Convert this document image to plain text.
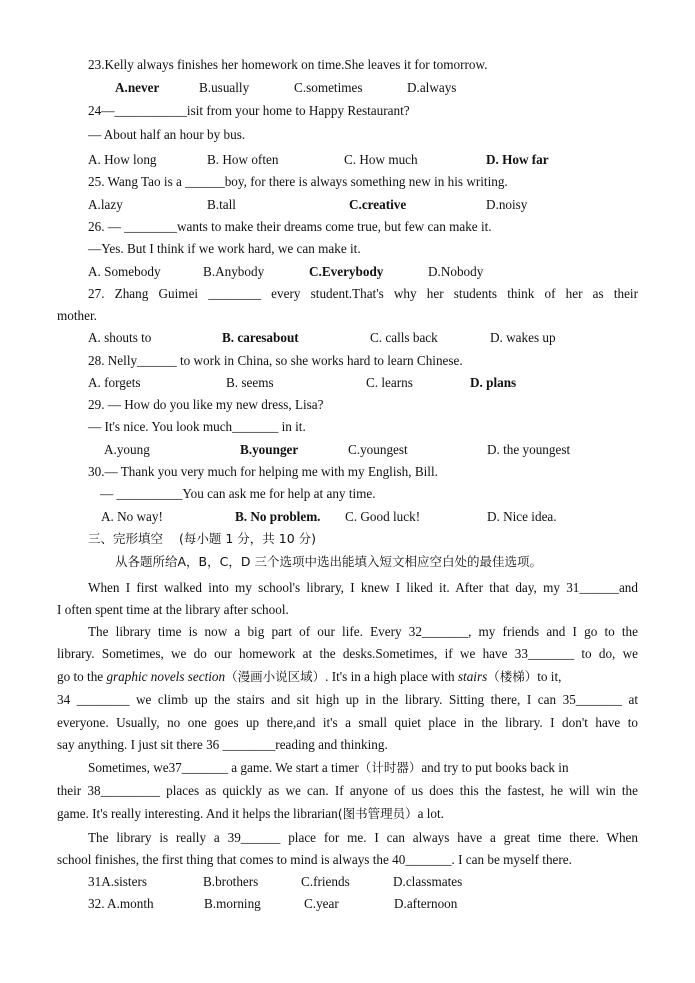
23.Kelly always finishes her homework on time.She leaves it for tomorrow.
A.never	B.usually	C.sometimes	D.always
24—___________isit from your home to Happy Restaurant?
— About half an hour by bus.
A. How long	B. How often	C. How much	D. How far
25. Wang Tao is a ______boy, for there is always something new in his writing.
A.lazy	B.tall	C.creative	D.noisy
26. — ________wants to make their dreams come true, but few can make it.
—Yes. But I think if we work hard, we can make it.
A. Somebody	B.Anybody	C.Everybody	D.Nobody
27. Zhang Guimei ________ every student.That's why her students think of her as their
mother.
A. shouts to	B. caresabout	C. calls back	D. wakes up
28. Nelly______ to work in China, so she works hard to learn Chinese.
A. forgets	B. seems	C. learns	D. plans
29. — How do you like my new dress, Lisa?
— It's nice. You look much_______ in it.
A.young	B.younger	C.youngest	D. the youngest
30.— Thank you very much for helping me with my English, Bill.
— __________You can ask me for help at any time.
A. No way!	B. No problem. C. Good luck!	D. Nice idea.
三、完形填空 (每小题 1 分，共 10 分)
从各题所给A，B，C，D 三个选项中选出能填入短文相应空白处的最佳选项。
When I first walked into my school's library, I knew I liked it. After that day, my 31______and
I often spent time at the library after school.
The library time is now a big part of our life. Every 32_______, my friends and I go to the
library. Sometimes, we do our homework at the desks.Sometimes, if we have 33_______ to do, we
go to the graphic novels section（漫画小说区域）. It's in a high place with stairs（楼梯）to it,
34 ________ we climb up the stairs and sit high up in the library. Sitting there, I can 35_______ at
everyone. Usually, no one goes up there,and it's a small quiet place in the library. I don't have to
say anything. I just sit there 36 ________reading and thinking.
Sometimes, we37_______ a game. We start a timer（计时器）and try to put books back in
their 38_________ places as quickly as we can. If anyone of us does this the fastest, he will win the
game. It's really interesting. And it helps the librarian(图书管理员）a lot.
The library is really a 39______ place for me. I can always have a great time there. When
school finishes, the first thing that comes to mind is always the 40_______. I can be myself there.
31A.sisters	B.brothers	C.friends	D.classmates
32. A.month	B.morning	C.year	D.afternoon
